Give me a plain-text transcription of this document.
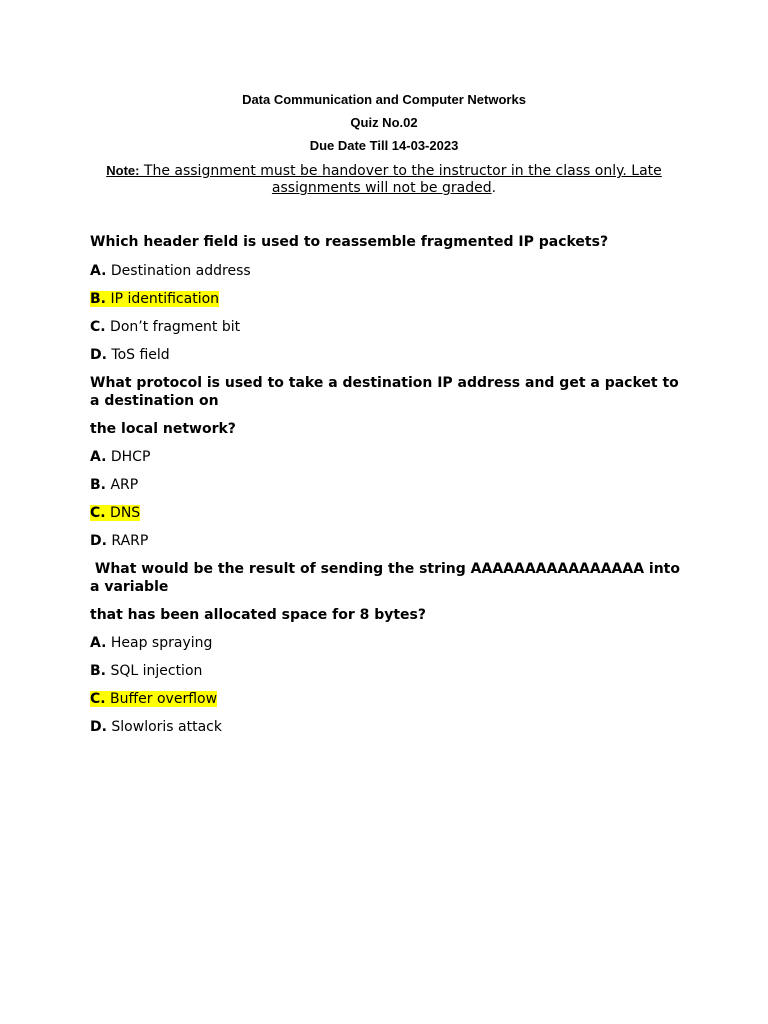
Data Communication and Computer Networks
Quiz No.02
Due Date Till 14-03-2023
Note: The assignment must be handover to the instructor in the class only. Late assignments will not be graded.

Which header field is used to reassemble fragmented IP packets?

A. Destination address

B. IP identification

C. Don’t fragment bit

D. ToS field

What protocol is used to take a destination IP address and get a packet to a destination on

the local network?

A. DHCP

B. ARP

C. DNS

D. RARP

What would be the result of sending the string AAAAAAAAAAAAAAAA into a variable

that has been allocated space for 8 bytes?

A. Heap spraying

B. SQL injection

C. Buffer overflow

D. Slowloris attack
